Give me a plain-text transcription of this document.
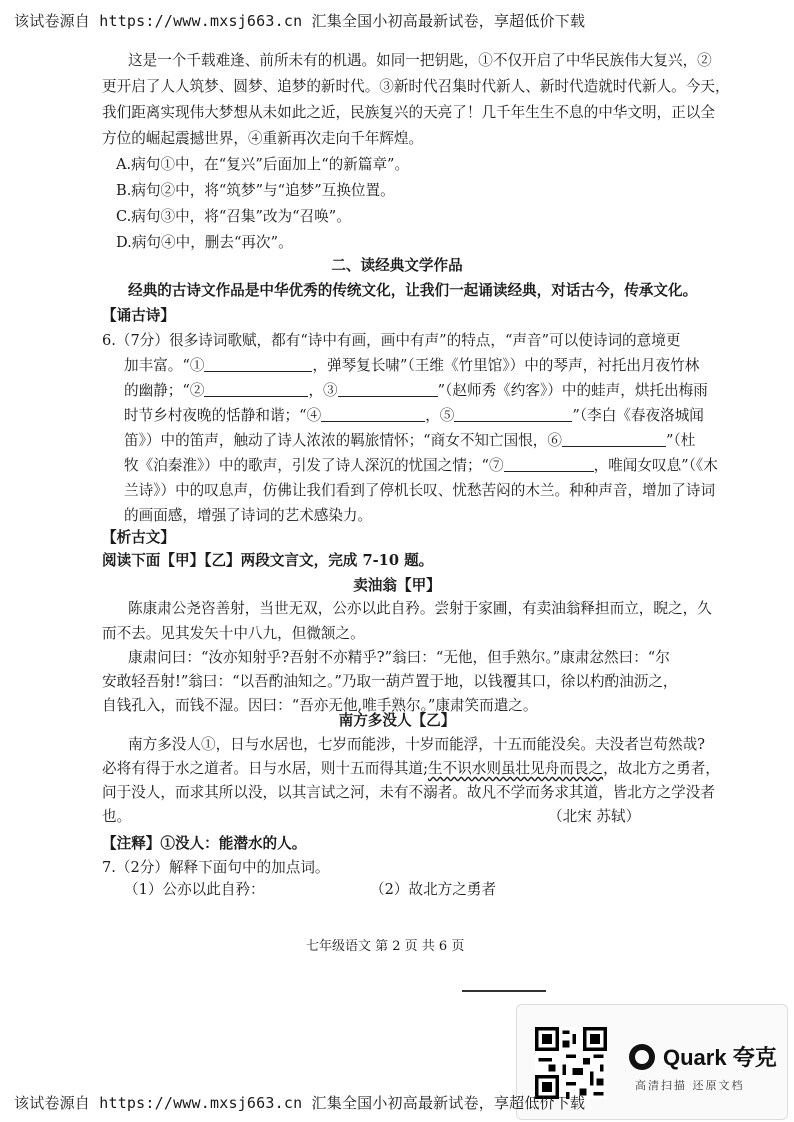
该试卷源自 https://www.mxsj663.cn 汇集全国小初高最新试卷，享超低价下载
这是一个千载难逢、前所未有的机遇。如同一把钥匙，①不仅开启了中华民族伟大复兴，②
更开启了人人筑梦、圆梦、追梦的新时代。③新时代召集时代新人、新时代造就时代新人。今天，
我们距离实现伟大梦想从未如此之近，民族复兴的天亮了！几千年生生不息的中华文明，正以全
方位的崛起震撼世界，④重新再次走向千年辉煌。
A.病句①中，在“复兴”后面加上“的新篇章”。
B.病句②中，将“筑梦”与“追梦”互换位置。
C.病句③中，将“召集”改为“召唤”。
D.病句④中，删去“再次”。
二、读经典文学作品
经典的古诗文作品是中华优秀的传统文化，让我们一起诵读经典，对话古今，传承文化。
【诵古诗】
6.（7分）很多诗词歌赋，都有“诗中有画，画中有声”的特点，“声音”可以使诗词的意境更
加丰富。“①	，弹琴复长啸”（王维《竹里馆》）中的琴声，衬托出月夜竹林
的幽静；“②	，③	”（赵师秀《约客》）中的蛙声，烘托出梅雨
时节乡村夜晚的恬静和谐；“④	，⑤	”（李白《春夜洛城闻
笛》）中的笛声，触动了诗人浓浓的羁旅情怀；“商女不知亡国恨，⑥	”（杜
牧《泊秦淮》）中的歌声，引发了诗人深沉的忧国之情；“⑦	，唯闻女叹息”（《木
兰诗》）中的叹息声，仿佛让我们看到了停机长叹、忧愁苦闷的木兰。种种声音，增加了诗词
的画面感，增强了诗词的艺术感染力。
【析古文】
阅读下面【甲】【乙】两段文言文，完成 7-10 题。
卖油翁【甲】
陈康肃公尧咨善射，当世无双，公亦以此自矜。尝射于家圃，有卖油翁释担而立，睨之，久
而不去。见其发矢十中八九，但微颔之。
康肃问曰：“汝亦知射乎?吾射不亦精乎?”翁曰：“无他，但手熟尔。”康肃忿然曰：“尔
安敢轻吾射!”翁曰：“以吾酌油知之。”乃取一葫芦置于地，以钱覆其口，徐以杓酌油沥之，
自钱孔入，而钱不湿。因曰：“吾亦无他,唯手熟尔。”康肃笑而遣之。
南方多没人【乙】
南方多没人①，日与水居也，七岁而能涉，十岁而能浮，十五而能没矣。夫没者岂苟然哉?
必将有得于水之道者。日与水居，则十五而得其道;生不识水则虽壮见舟而畏之，故北方之勇者，
问于没人，而求其所以没，以其言试之河，未有不溺者。故凡不学而务求其道，皆北方之学没者
也。	（北宋 苏轼）
【注释】①没人：能潜水的人。
7.（2分）解释下面句中的加点词。
（1）公亦以此自矜：	（2）故北方之勇者
七年级语文 第 2 页 共 6 页
Quark 夸克
高清扫描 还原文档
该试卷源自 https://www.mxsj663.cn 汇集全国小初高最新试卷，享超低价下载
